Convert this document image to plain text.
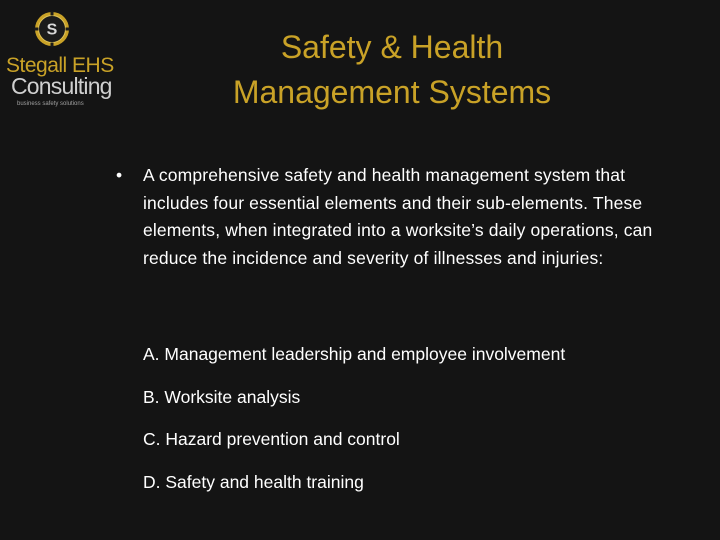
S
Stegall EHS
Consulting
business safety solutions
Safety & Health
Management Systems
• A comprehensive safety and health management system that includes four essential elements and their sub-elements. These elements, when integrated into a worksite’s daily operations, can reduce the incidence and severity of illnesses and injuries:
A. Management leadership and employee involvement
B. Worksite analysis
C. Hazard prevention and control
D. Safety and health training
